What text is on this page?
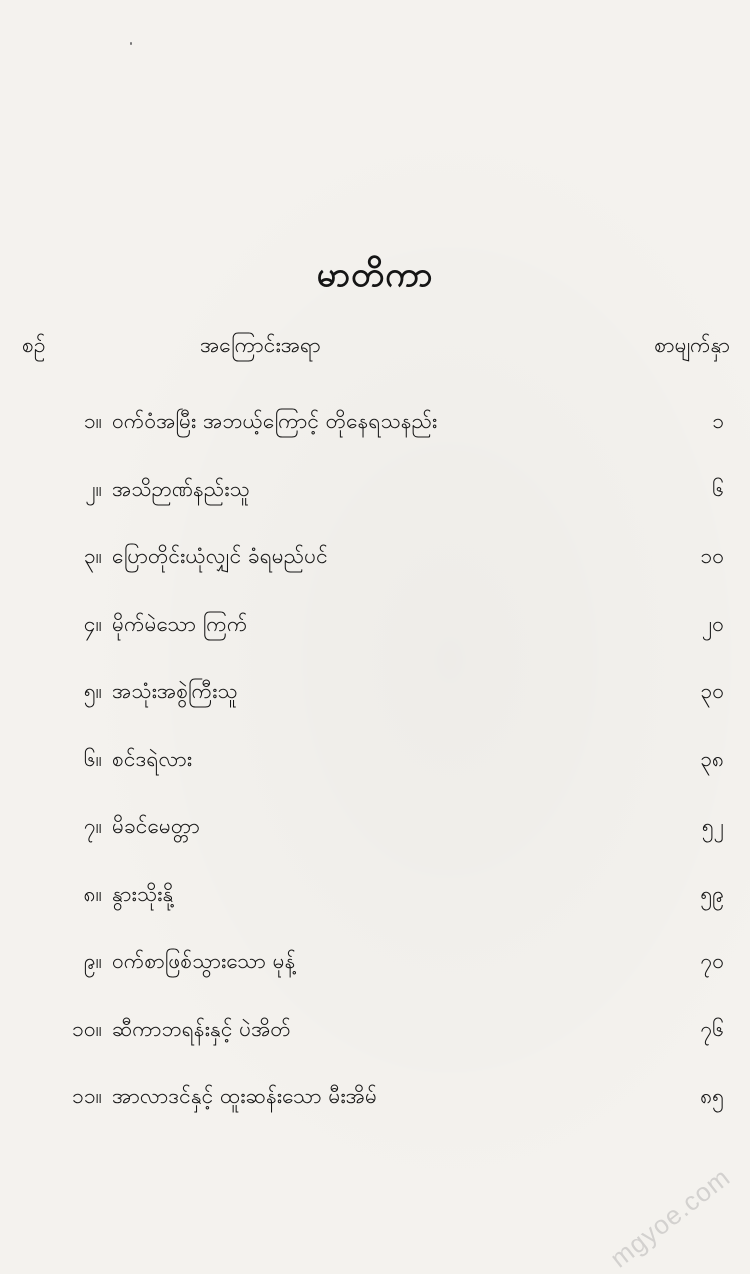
မာတိကာ
စဉ်	အကြောင်းအရာ	စာမျက်နှာ
၁။ ဝက်ဝံအမြီး အဘယ့်ကြောင့် တိုနေရသနည်း	၁
၂။ အသိဉာဏ်နည်းသူ	၆
၃။ ပြောတိုင်းယုံလျှင် ခံရမည်ပင်	၁၀
၄။ မိုက်မဲသော ကြက်	၂၀
၅။ အသုံးအစွဲကြီးသူ	၃၀
၆။ စင်ဒရဲလား	၃၈
၇။ မိခင်မေတ္တာ	၅၂
၈။ နွားသိုးနို့	၅၉
၉။ ဝက်စာဖြစ်သွားသော မုန့်	၇၀
၁၀။ ဆီကာဘရန်းနှင့် ပဲအိတ်	၇၆
၁၁။ အာလာဒင်နှင့် ထူးဆန်းသော မီးအိမ်	၈၅
mgyoe.com
